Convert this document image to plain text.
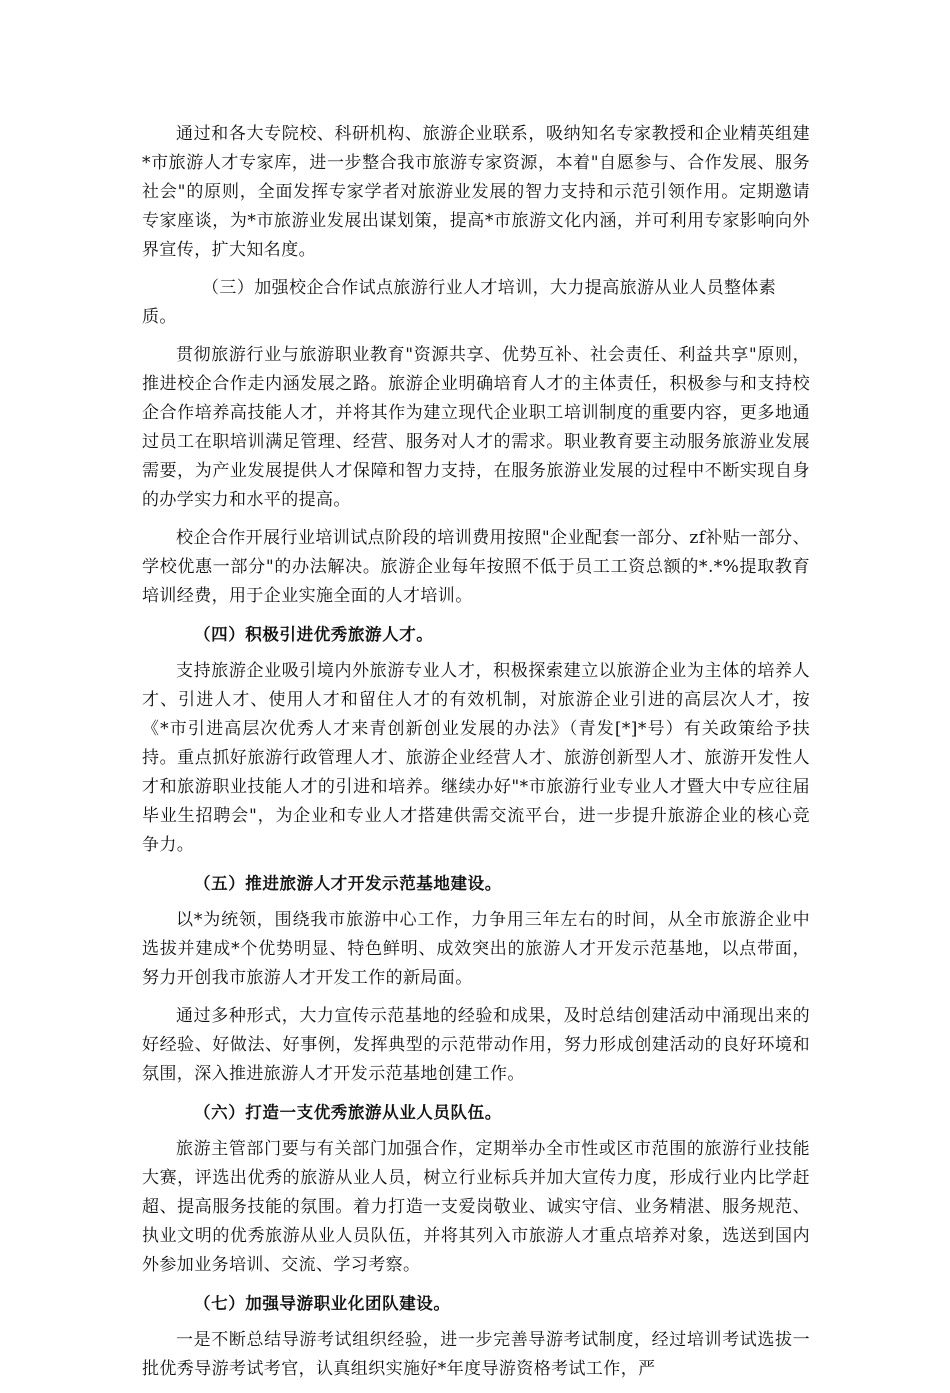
通过和各大专院校、科研机构、旅游企业联系，吸纳知名专家教授和企业精英组建*市旅游人才专家库，进一步整合我市旅游专家资源，本着"自愿参与、合作发展、服务社会"的原则，全面发挥专家学者对旅游业发展的智力支持和示范引领作用。定期邀请专家座谈，为*市旅游业发展出谋划策，提高*市旅游文化内涵，并可利用专家影响向外界宣传，扩大知名度。

（三）加强校企合作试点旅游行业人才培训，大力提高旅游从业人员整体素质。

贯彻旅游行业与旅游职业教育"资源共享、优势互补、社会责任、利益共享"原则，推进校企合作走内涵发展之路。旅游企业明确培育人才的主体责任，积极参与和支持校企合作培养高技能人才，并将其作为建立现代企业职工培训制度的重要内容，更多地通过员工在职培训满足管理、经营、服务对人才的需求。职业教育要主动服务旅游业发展需要，为产业发展提供人才保障和智力支持，在服务旅游业发展的过程中不断实现自身的办学实力和水平的提高。

校企合作开展行业培训试点阶段的培训费用按照"企业配套一部分、zf补贴一部分、学校优惠一部分"的办法解决。旅游企业每年按照不低于员工工资总额的*.*%提取教育培训经费，用于企业实施全面的人才培训。

（四）积极引进优秀旅游人才。

支持旅游企业吸引境内外旅游专业人才，积极探索建立以旅游企业为主体的培养人才、引进人才、使用人才和留住人才的有效机制，对旅游企业引进的高层次人才，按《*市引进高层次优秀人才来青创新创业发展的办法》（青发[*]*号）有关政策给予扶持。重点抓好旅游行政管理人才、旅游企业经营人才、旅游创新型人才、旅游开发性人才和旅游职业技能人才的引进和培养。继续办好"*市旅游行业专业人才暨大中专应往届毕业生招聘会"，为企业和专业人才搭建供需交流平台，进一步提升旅游企业的核心竞争力。

（五）推进旅游人才开发示范基地建设。

以*为统领，围绕我市旅游中心工作，力争用三年左右的时间，从全市旅游企业中选拔并建成*个优势明显、特色鲜明、成效突出的旅游人才开发示范基地，以点带面，努力开创我市旅游人才开发工作的新局面。

通过多种形式，大力宣传示范基地的经验和成果，及时总结创建活动中涌现出来的好经验、好做法、好事例，发挥典型的示范带动作用，努力形成创建活动的良好环境和氛围，深入推进旅游人才开发示范基地创建工作。

（六）打造一支优秀旅游从业人员队伍。

旅游主管部门要与有关部门加强合作，定期举办全市性或区市范围的旅游行业技能大赛，评选出优秀的旅游从业人员，树立行业标兵并加大宣传力度，形成行业内比学赶超、提高服务技能的氛围。着力打造一支爱岗敬业、诚实守信、业务精湛、服务规范、执业文明的优秀旅游从业人员队伍，并将其列入市旅游人才重点培养对象，选送到国内外参加业务培训、交流、学习考察。

（七）加强导游职业化团队建设。

一是不断总结导游考试组织经验，进一步完善导游考试制度，经过培训考试选拔一批优秀导游考试考官，认真组织实施好*年度导游资格考试工作，严
